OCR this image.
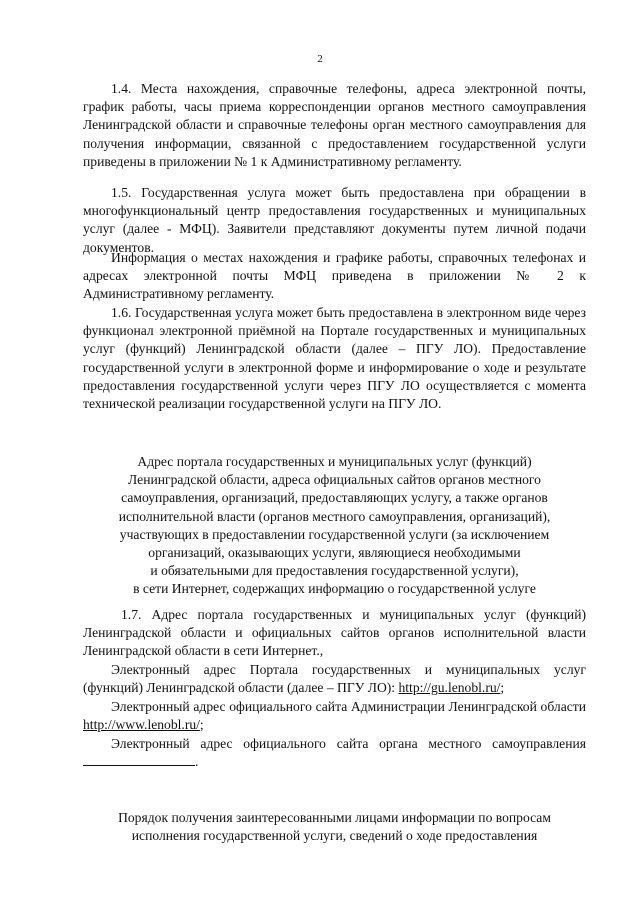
2
1.4. Места нахождения, справочные телефоны, адреса электронной почты, график работы, часы приема корреспонденции органов местного самоуправления Ленинградской области и справочные телефоны орган местного самоуправления для получения информации, связанной с предоставлением государственной услуги приведены в приложении № 1 к Административному регламенту.
1.5. Государственная услуга может быть предоставлена при обращении в многофункциональный центр предоставления государственных и муниципальных услуг (далее - МФЦ). Заявители представляют документы путем личной подачи документов.
Информация о местах нахождения и графике работы, справочных телефонах и адресах электронной почты МФЦ приведена в приложении № 2 к Административному регламенту.
1.6. Государственная услуга может быть предоставлена в электронном виде через функционал электронной приёмной на Портале государственных и муниципальных услуг (функций) Ленинградской области (далее – ПГУ ЛО). Предоставление государственной услуги в электронной форме и информирование о ходе и результате предоставления государственной услуги через ПГУ ЛО осуществляется с момента технической реализации государственной услуги на ПГУ ЛО.
Адрес портала государственных и муниципальных услуг (функций)
Ленинградской области, адреса официальных сайтов органов местного
самоуправления, организаций, предоставляющих услугу, а также органов
исполнительной власти (органов местного самоуправления, организаций),
участвующих в предоставлении государственной услуги (за исключением
организаций, оказывающих услуги, являющиеся необходимыми
и обязательными для предоставления государственной услуги),
в сети Интернет, содержащих информацию о государственной услуге
1.7. Адрес портала государственных и муниципальных услуг (функций) Ленинградской области и официальных сайтов органов исполнительной власти Ленинградской области в сети Интернет.,
Электронный адрес Портала государственных и муниципальных услуг (функций) Ленинградской области (далее – ПГУ ЛО): http://gu.lenobl.ru/;
Электронный адрес официального сайта Администрации Ленинградской области http://www.lenobl.ru/;
Электронный адрес официального сайта органа местного самоуправления .
Порядок получения заинтересованными лицами информации по вопросам
исполнения государственной услуги, сведений о ходе предоставления
